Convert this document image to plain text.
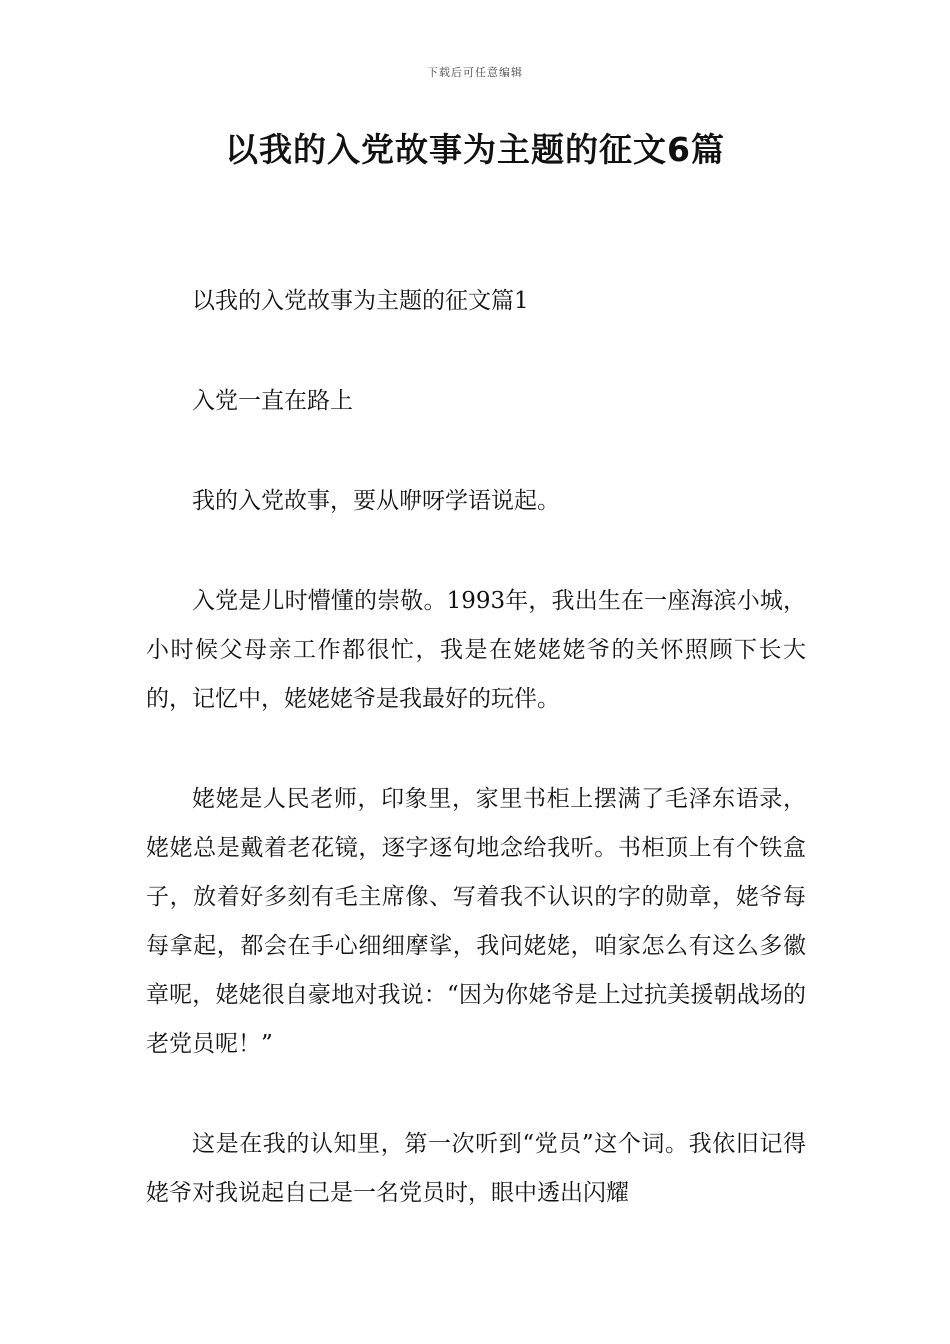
下载后可任意编辑
以我的入党故事为主题的征文6篇

以我的入党故事为主题的征文篇1

入党一直在路上

我的入党故事，要从咿呀学语说起。

入党是儿时懵懂的崇敬。1993年，我出生在一座海滨小城，小时候父母亲工作都很忙，我是在姥姥姥爷的关怀照顾下长大的，记忆中，姥姥姥爷是我最好的玩伴。

姥姥是人民老师，印象里，家里书柜上摆满了毛泽东语录，姥姥总是戴着老花镜，逐字逐句地念给我听。书柜顶上有个铁盒子，放着好多刻有毛主席像、写着我不认识的字的勋章，姥爷每每拿起，都会在手心细细摩挲，我问姥姥，咱家怎么有这么多徽章呢，姥姥很自豪地对我说：“因为你姥爷是上过抗美援朝战场的老党员呢！”

这是在我的认知里，第一次听到“党员”这个词。我依旧记得姥爷对我说起自己是一名党员时，眼中透出闪耀
